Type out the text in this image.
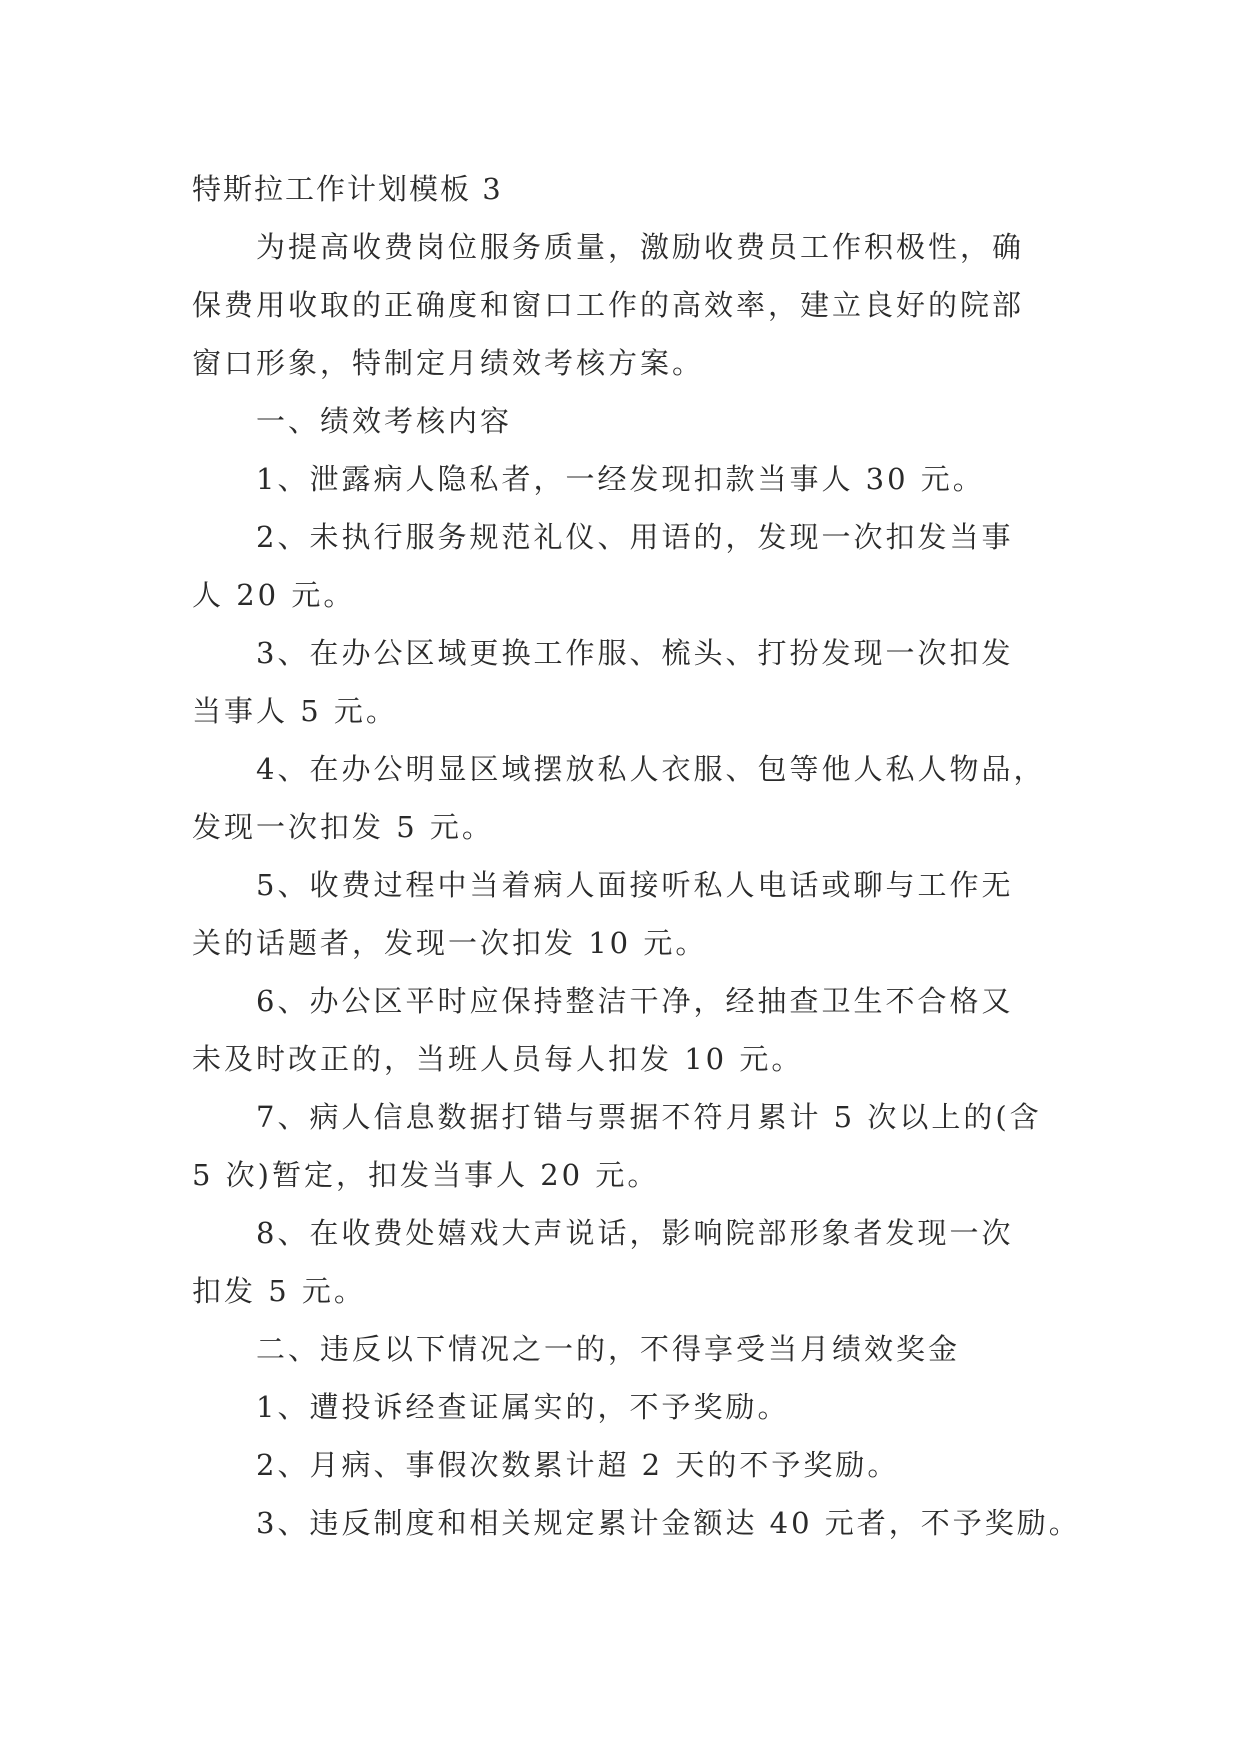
特斯拉工作计划模板 3
为提高收费岗位服务质量，激励收费员工作积极性，确
保费用收取的正确度和窗口工作的高效率，建立良好的院部
窗口形象，特制定月绩效考核方案。
一、绩效考核内容
1、泄露病人隐私者，一经发现扣款当事人 30 元。
2、未执行服务规范礼仪、用语的，发现一次扣发当事
人 20 元。
3、在办公区域更换工作服、梳头、打扮发现一次扣发
当事人 5 元。
4、在办公明显区域摆放私人衣服、包等他人私人物品，
发现一次扣发 5 元。
5、收费过程中当着病人面接听私人电话或聊与工作无
关的话题者，发现一次扣发 10 元。
6、办公区平时应保持整洁干净，经抽查卫生不合格又
未及时改正的，当班人员每人扣发 10 元。
7、病人信息数据打错与票据不符月累计 5 次以上的(含
5 次)暂定，扣发当事人 20 元。
8、在收费处嬉戏大声说话，影响院部形象者发现一次
扣发 5 元。
二、违反以下情况之一的，不得享受当月绩效奖金
1、遭投诉经查证属实的，不予奖励。
2、月病、事假次数累计超 2 天的不予奖励。
3、违反制度和相关规定累计金额达 40 元者，不予奖励。
